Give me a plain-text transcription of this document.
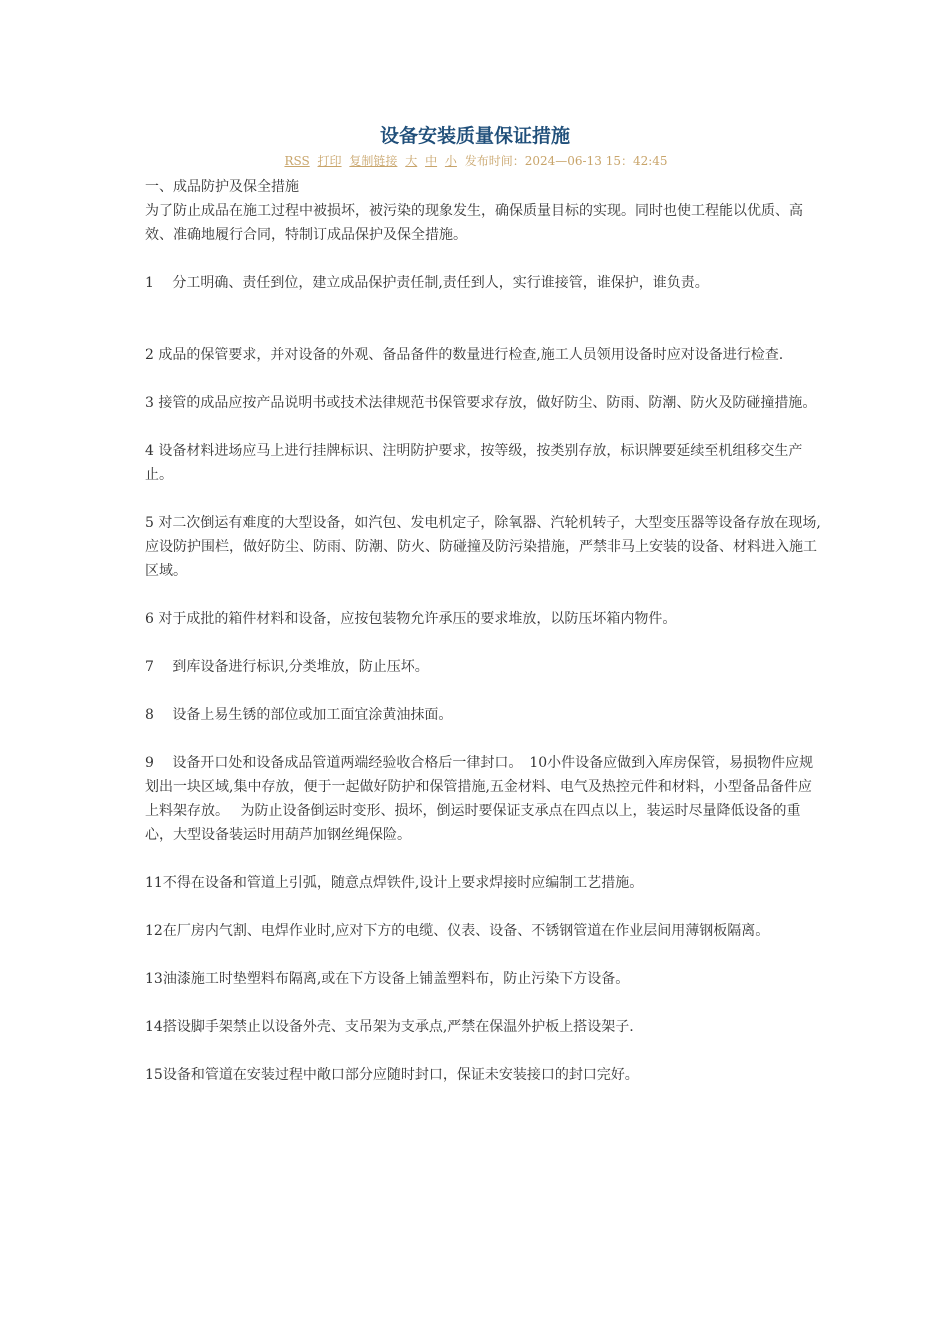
设备安装质量保证措施
RSS 打印 复制链接 大 中 小 发布时间：2024—06-13 15：42:45

一、成品防护及保全措施

为了防止成品在施工过程中被损坏，被污染的现象发生，确保质量目标的实现。同时也使工程能以优质、高效、准确地履行合同，特制订成品保护及保全措施。

1　 分工明确、责任到位，建立成品保护责任制,责任到人，实行谁接管，谁保护，谁负责。

2 成品的保管要求，并对设备的外观、备品备件的数量进行检查,施工人员领用设备时应对设备进行检查.

3 接管的成品应按产品说明书或技术法律规范书保管要求存放，做好防尘、防雨、防潮、防火及防碰撞措施。

4 设备材料进场应马上进行挂牌标识、注明防护要求，按等级，按类别存放，标识牌要延续至机组移交生产止。

5 对二次倒运有难度的大型设备，如汽包、发电机定子，除氧器、汽轮机转子，大型变压器等设备存放在现场,应设防护围栏，做好防尘、防雨、防潮、防火、防碰撞及防污染措施，严禁非马上安装的设备、材料进入施工区域。

6 对于成批的箱件材料和设备，应按包装物允许承压的要求堆放，以防压坏箱内物件。

7　 到库设备进行标识,分类堆放，防止压坏。

8　 设备上易生锈的部位或加工面宜涂黄油抹面。

9　 设备开口处和设备成品管道两端经验收合格后一律封口。　10小件设备应做到入库房保管，易损物件应规划出一块区域,集中存放，便于一起做好防护和保管措施,五金材料、电气及热控元件和材料，小型备品备件应上料架存放。　 为防止设备倒运时变形、损坏，倒运时要保证支承点在四点以上，装运时尽量降低设备的重心，大型设备装运时用葫芦加钢丝绳保险。

11不得在设备和管道上引弧，随意点焊铁件,设计上要求焊接时应编制工艺措施。

12在厂房内气割、电焊作业时,应对下方的电缆、仪表、设备、不锈钢管道在作业层间用薄钢板隔离。

13油漆施工时垫塑料布隔离,或在下方设备上铺盖塑料布，防止污染下方设备。

14搭设脚手架禁止以设备外壳、支吊架为支承点,严禁在保温外护板上搭设架子.

15设备和管道在安装过程中敞口部分应随时封口，保证未安装接口的封口完好。
